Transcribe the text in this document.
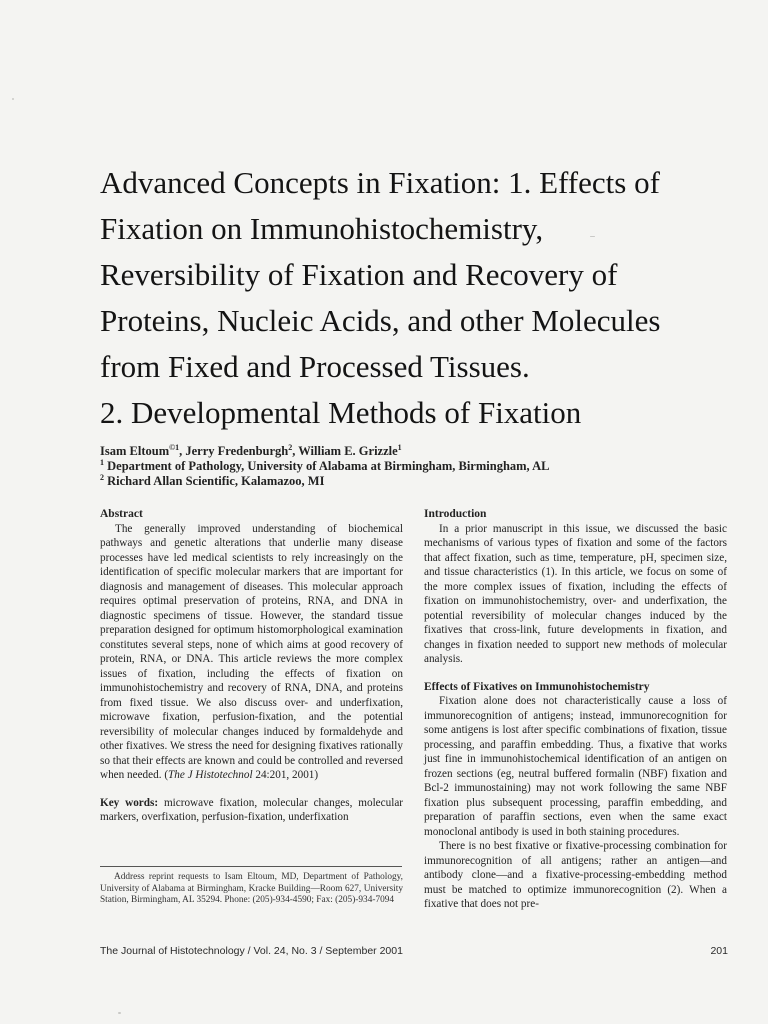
Advanced Concepts in Fixation: 1. Effects of
Fixation on Immunohistochemistry,
Reversibility of Fixation and Recovery of
Proteins, Nucleic Acids, and other Molecules
from Fixed and Processed Tissues.
2. Developmental Methods of Fixation
Isam Eltoum$^{©1}$, Jerry Fredenburgh$^2$, William E. Grizzle$^1$
$^1$ Department of Pathology, University of Alabama at Birmingham, Birmingham, AL
$^2$ Richard Allan Scientific, Kalamazoo, MI

Abstract

The generally improved understanding of biochemical pathways and genetic alterations that underlie many disease processes have led medical scientists to rely increasingly on the identification of specific molecular markers that are important for diagnosis and management of diseases. This molecular approach requires optimal preservation of proteins, RNA, and DNA in diagnostic specimens of tissue. However, the standard tissue preparation designed for optimum histomorphological examination constitutes several steps, none of which aims at good recovery of protein, RNA, or DNA. This article reviews the more complex issues of fixation, including the effects of fixation on immunohistochemistry and recovery of RNA, DNA, and proteins from fixed tissue. We also discuss over- and underfixation, microwave fixation, perfusion-fixation, and the potential reversibility of molecular changes induced by formaldehyde and other fixatives. We stress the need for designing fixatives rationally so that their effects are known and could be controlled and reversed when needed. (The J Histotechnol 24:201, 2001)

Key words: microwave fixation, molecular changes, molecular markers, overfixation, perfusion-fixation, underfixation

Address reprint requests to Isam Eltoum, MD, Department of Pathology, University of Alabama at Birmingham, Kracke Building—Room 627, University Station, Birmingham, AL 35294. Phone: (205)-934-4590; Fax: (205)-934-7094

Introduction

In a prior manuscript in this issue, we discussed the basic mechanisms of various types of fixation and some of the factors that affect fixation, such as time, temperature, pH, specimen size, and tissue characteristics (1). In this article, we focus on some of the more complex issues of fixation, including the effects of fixation on immunohistochemistry, over- and underfixation, the potential reversibility of molecular changes induced by the fixatives that cross-link, future developments in fixation, and changes in fixation needed to support new methods of molecular analysis.

Effects of Fixatives on Immunohistochemistry

Fixation alone does not characteristically cause a loss of immunorecognition of antigens; instead, immunorecognition for some antigens is lost after specific combinations of fixation, tissue processing, and paraffin embedding. Thus, a fixative that works just fine in immunohistochemical identification of an antigen on frozen sections (eg, neutral buffered formalin (NBF) fixation and Bcl-2 immunostaining) may not work following the same NBF fixation plus subsequent processing, paraffin embedding, and preparation of paraffin sections, even when the same exact monoclonal antibody is used in both staining procedures.

There is no best fixative or fixative-processing combination for immunorecognition of all antigens; rather an antigen—and antibody clone—and a fixative-processing-embedding method must be matched to optimize immunorecognition (2). When a fixative that does not pre-

The Journal of Histotechnology / Vol. 24, No. 3 / September 2001	201
